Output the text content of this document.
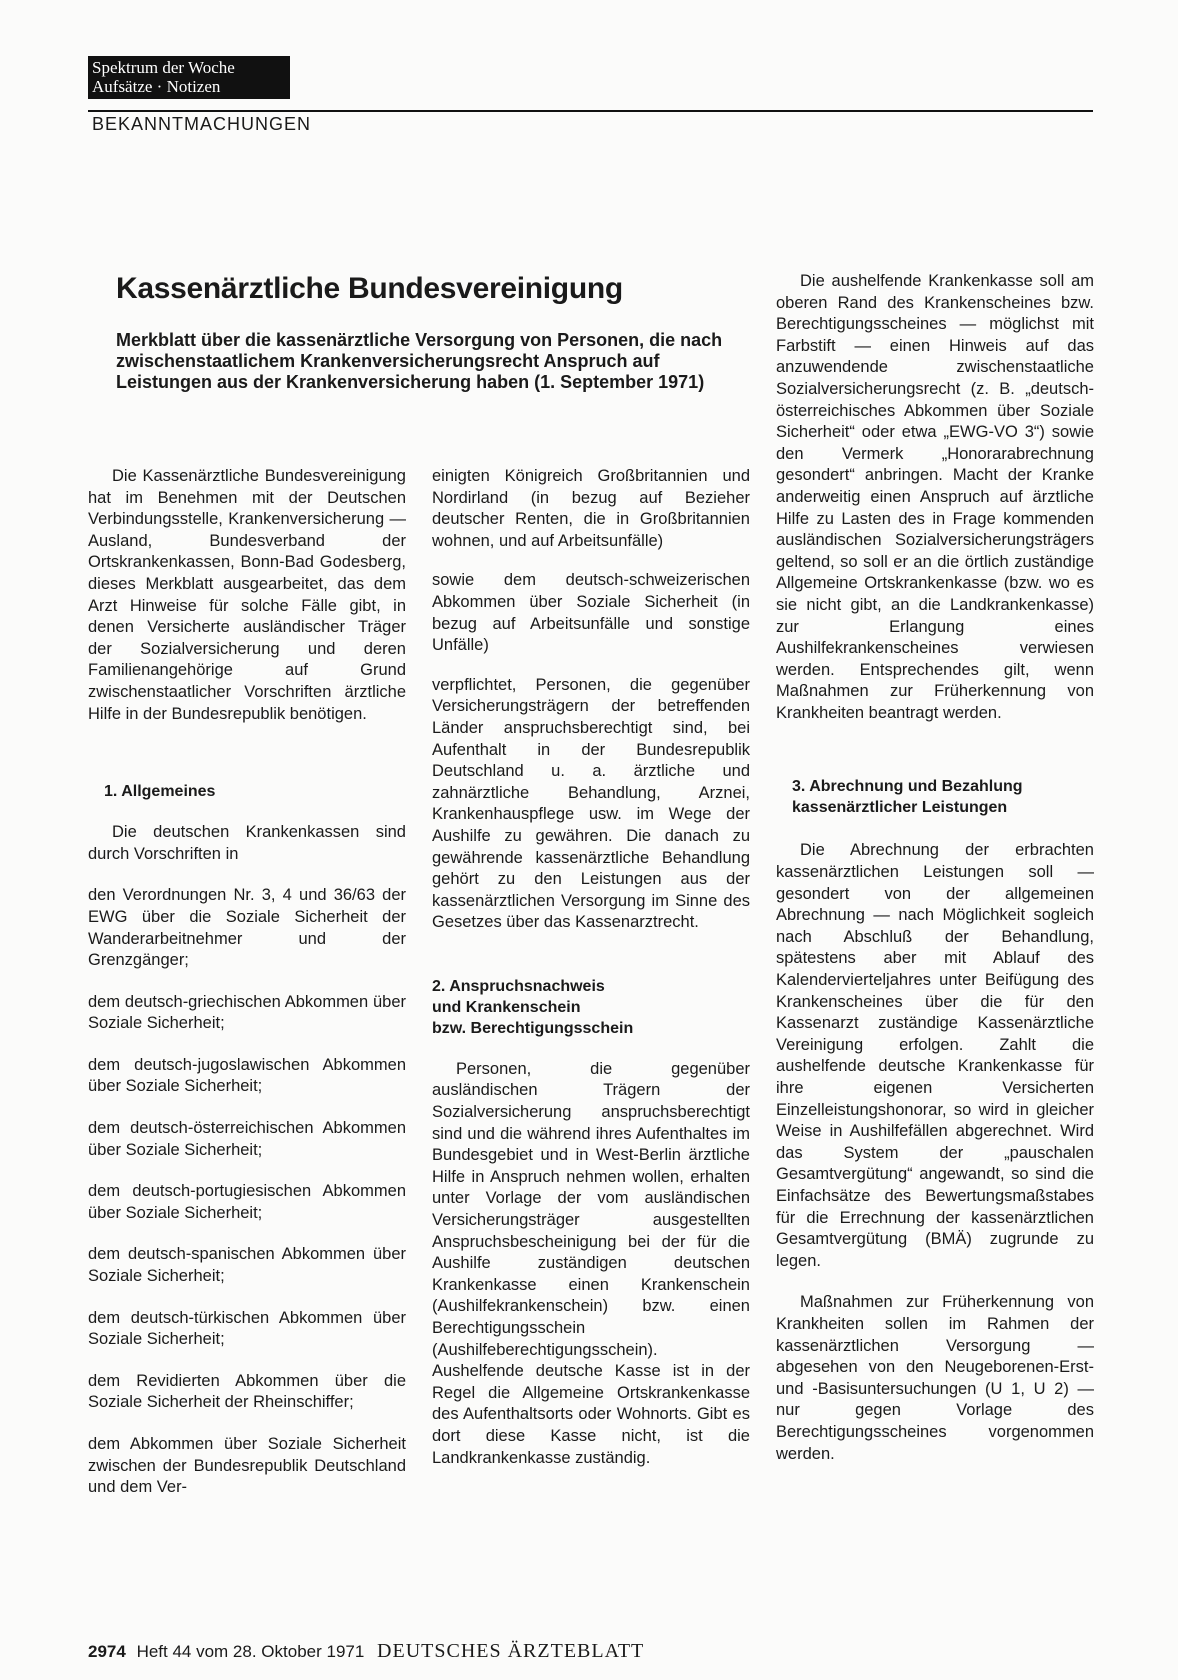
Spektrum der Woche
Aufsätze · Notizen
BEKANNTMACHUNGEN
Kassenärztliche Bundesvereinigung
Merkblatt über die kassenärztliche Versorgung von Personen, die nach zwischenstaatlichem Krankenversicherungsrecht Anspruch auf Leistungen aus der Krankenversicherung haben (1. September 1971)

Die Kassenärztliche Bundesvereinigung hat im Benehmen mit der Deutschen Verbindungsstelle, Krankenversicherung — Ausland, Bundesverband der Ortskrankenkassen, Bonn-Bad Godesberg, dieses Merkblatt ausgearbeitet, das dem Arzt Hinweise für solche Fälle gibt, in denen Versicherte ausländischer Träger der Sozialversicherung und deren Familienangehörige auf Grund zwischenstaatlicher Vorschriften ärztliche Hilfe in der Bundesrepublik benötigen.

1. Allgemeines

Die deutschen Krankenkassen sind durch Vorschriften in

den Verordnungen Nr. 3, 4 und 36/63 der EWG über die Soziale Sicherheit der Wanderarbeitnehmer und der Grenzgänger;

dem deutsch-griechischen Abkommen über Soziale Sicherheit;

dem deutsch-jugoslawischen Abkommen über Soziale Sicherheit;

dem deutsch-österreichischen Abkommen über Soziale Sicherheit;

dem deutsch-portugiesischen Abkommen über Soziale Sicherheit;

dem deutsch-spanischen Abkommen über Soziale Sicherheit;

dem deutsch-türkischen Abkommen über Soziale Sicherheit;

dem Revidierten Abkommen über die Soziale Sicherheit der Rheinschiffer;

dem Abkommen über Soziale Sicherheit zwischen der Bundesrepublik Deutschland und dem Ver-

einigten Königreich Großbritannien und Nordirland (in bezug auf Bezieher deutscher Renten, die in Großbritannien wohnen, und auf Arbeitsunfälle)

sowie dem deutsch-schweizerischen Abkommen über Soziale Sicherheit (in bezug auf Arbeitsunfälle und sonstige Unfälle)

verpflichtet, Personen, die gegenüber Versicherungsträgern der betreffenden Länder anspruchsberechtigt sind, bei Aufenthalt in der Bundesrepublik Deutschland u. a. ärztliche und zahnärztliche Behandlung, Arznei, Krankenhauspflege usw. im Wege der Aushilfe zu gewähren. Die danach zu gewährende kassenärztliche Behandlung gehört zu den Leistungen aus der kassenärztlichen Versorgung im Sinne des Gesetzes über das Kassenarztrecht.

2. Anspruchsnachweis
und Krankenschein
bzw. Berechtigungsschein

Personen, die gegenüber ausländischen Trägern der Sozialversicherung anspruchsberechtigt sind und die während ihres Aufenthaltes im Bundesgebiet und in West-Berlin ärztliche Hilfe in Anspruch nehmen wollen, erhalten unter Vorlage der vom ausländischen Versicherungsträger ausgestellten Anspruchsbescheinigung bei der für die Aushilfe zuständigen deutschen Krankenkasse einen Krankenschein (Aushilfekrankenschein) bzw. einen Berechtigungsschein (Aushilfeberechtigungsschein). Aushelfende deutsche Kasse ist in der Regel die Allgemeine Ortskrankenkasse des Aufenthaltsorts oder Wohnorts. Gibt es dort diese Kasse nicht, ist die Landkrankenkasse zuständig.

Die aushelfende Krankenkasse soll am oberen Rand des Krankenscheines bzw. Berechtigungsscheines — möglichst mit Farbstift — einen Hinweis auf das anzuwendende zwischenstaatliche Sozialversicherungsrecht (z. B. „deutsch-österreichisches Abkommen über Soziale Sicherheit“ oder etwa „EWG-VO 3“) sowie den Vermerk „Honorarabrechnung gesondert“ anbringen. Macht der Kranke anderweitig einen Anspruch auf ärztliche Hilfe zu Lasten des in Frage kommenden ausländischen Sozialversicherungsträgers geltend, so soll er an die örtlich zuständige Allgemeine Ortskrankenkasse (bzw. wo es sie nicht gibt, an die Landkrankenkasse) zur Erlangung eines Aushilfekrankenscheines verwiesen werden. Entsprechendes gilt, wenn Maßnahmen zur Früherkennung von Krankheiten beantragt werden.

3. Abrechnung und Bezahlung
kassenärztlicher Leistungen

Die Abrechnung der erbrachten kassenärztlichen Leistungen soll — gesondert von der allgemeinen Abrechnung — nach Möglichkeit sogleich nach Abschluß der Behandlung, spätestens aber mit Ablauf des Kalendervierteljahres unter Beifügung des Krankenscheines über die für den Kassenarzt zuständige Kassenärztliche Vereinigung erfolgen. Zahlt die aushelfende deutsche Krankenkasse für ihre eigenen Versicherten Einzelleistungshonorar, so wird in gleicher Weise in Aushilfefällen abgerechnet. Wird das System der „pauschalen Gesamtvergütung“ angewandt, so sind die Einfachsätze des Bewertungsmaßstabes für die Errechnung der kassenärztlichen Gesamtvergütung (BMÄ) zugrunde zu legen.

Maßnahmen zur Früherkennung von Krankheiten sollen im Rahmen der kassenärztlichen Versorgung — abgesehen von den Neugeborenen-Erst- und -Basisuntersuchungen (U 1, U 2) — nur gegen Vorlage des Berechtigungsscheines vorgenommen werden.

2974 Heft 44 vom 28. Oktober 1971 DEUTSCHES ÄRZTEBLATT
